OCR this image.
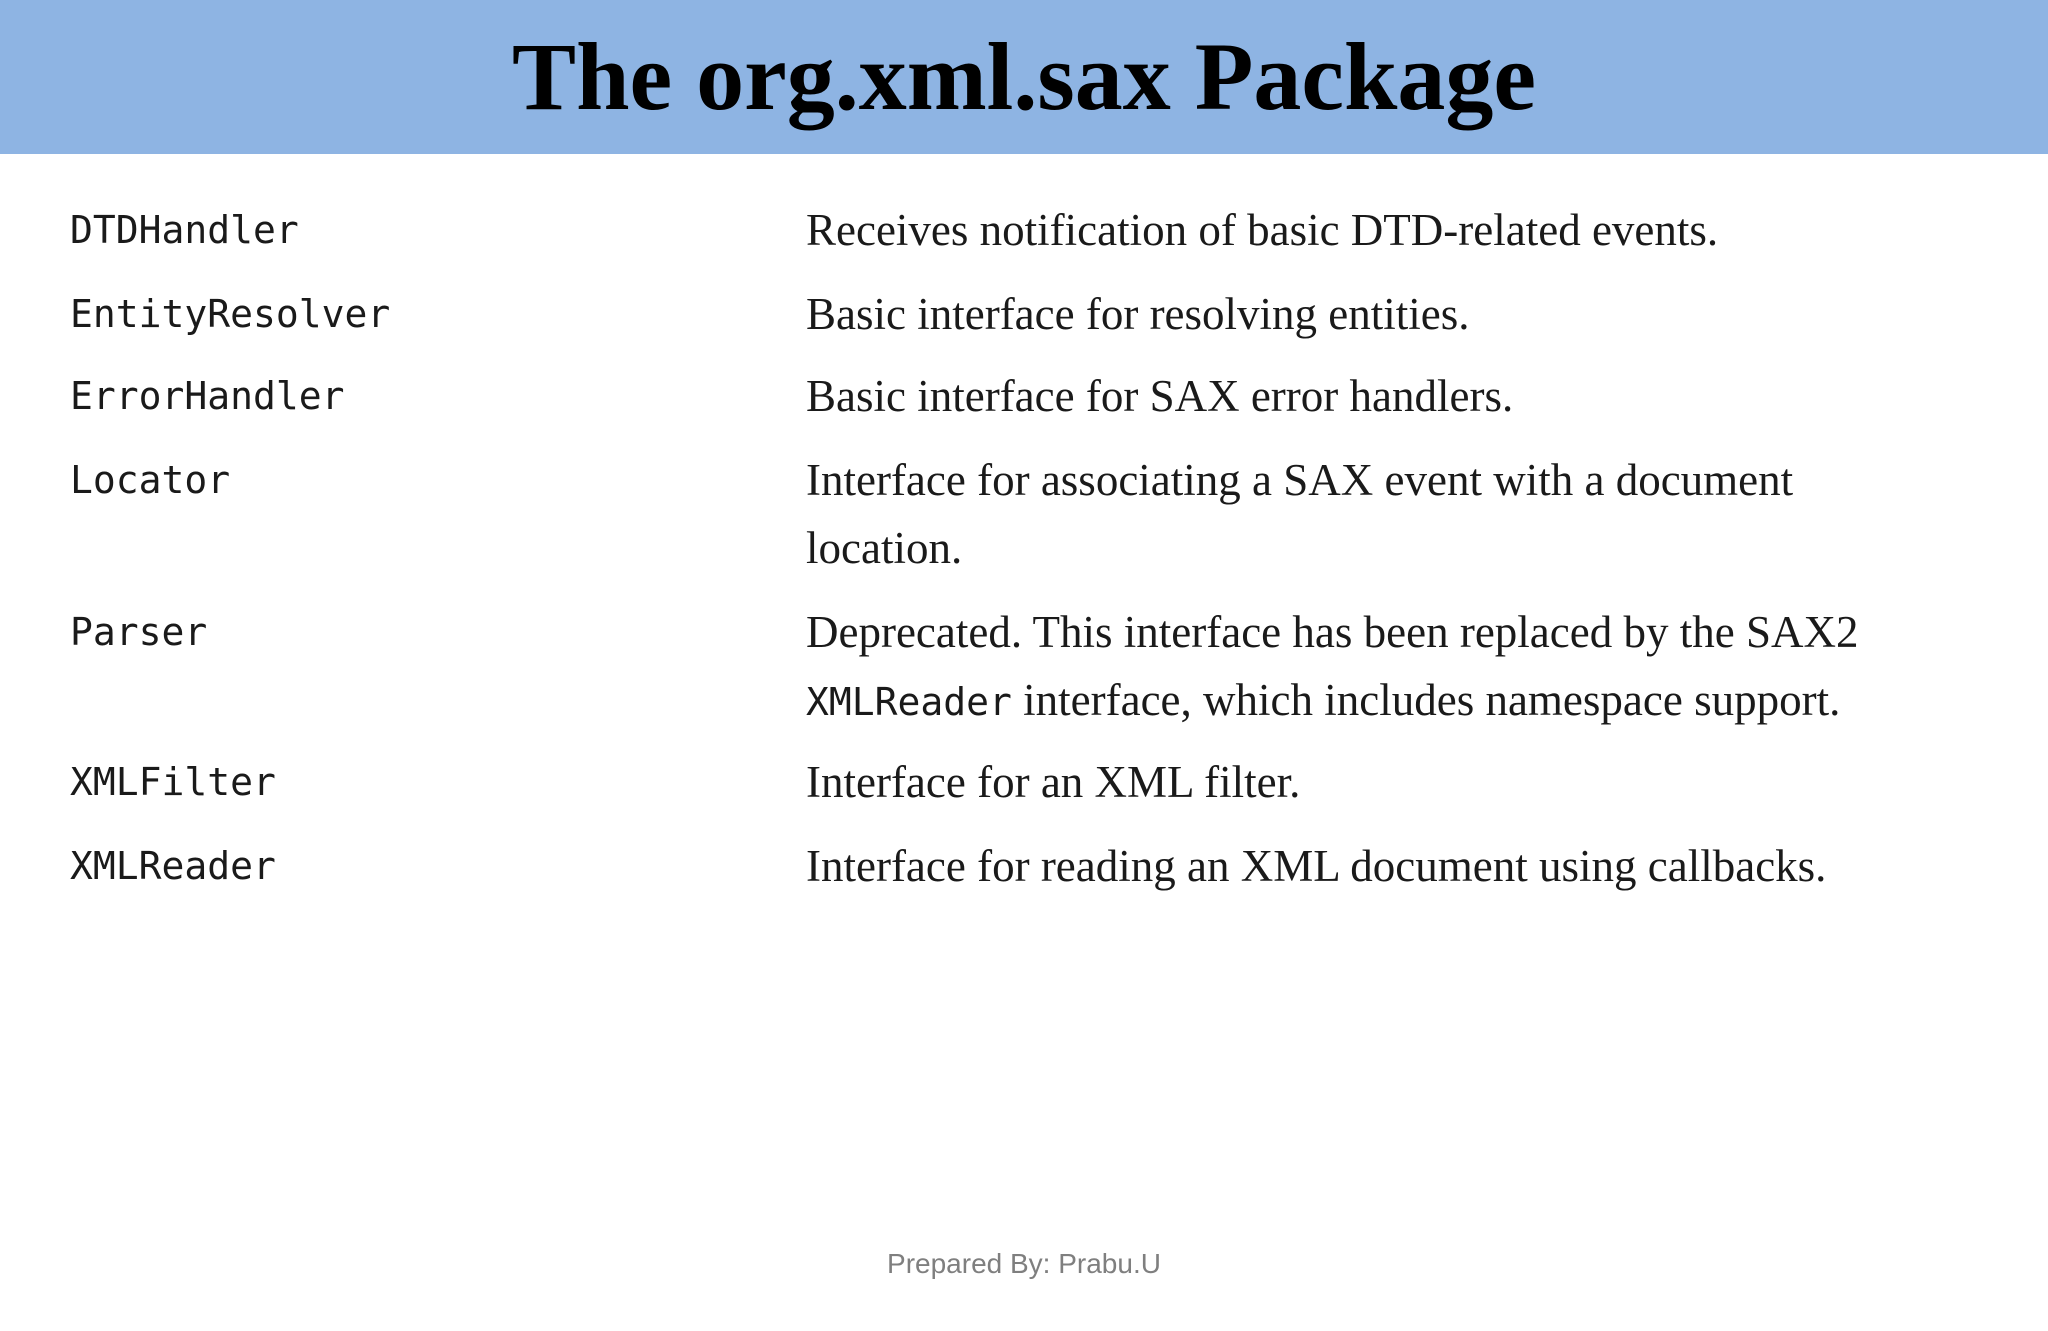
The org.xml.sax Package
DTDHandler	Receives notification of basic DTD-related events.
EntityResolver	Basic interface for resolving entities.
ErrorHandler	Basic interface for SAX error handlers.
Locator	Interface for associating a SAX event with a document location.
Parser	Deprecated. This interface has been replaced by the SAX2 XMLReader interface, which includes namespace support.
XMLFilter	Interface for an XML filter.
XMLReader	Interface for reading an XML document using callbacks.
Prepared By: Prabu.U
